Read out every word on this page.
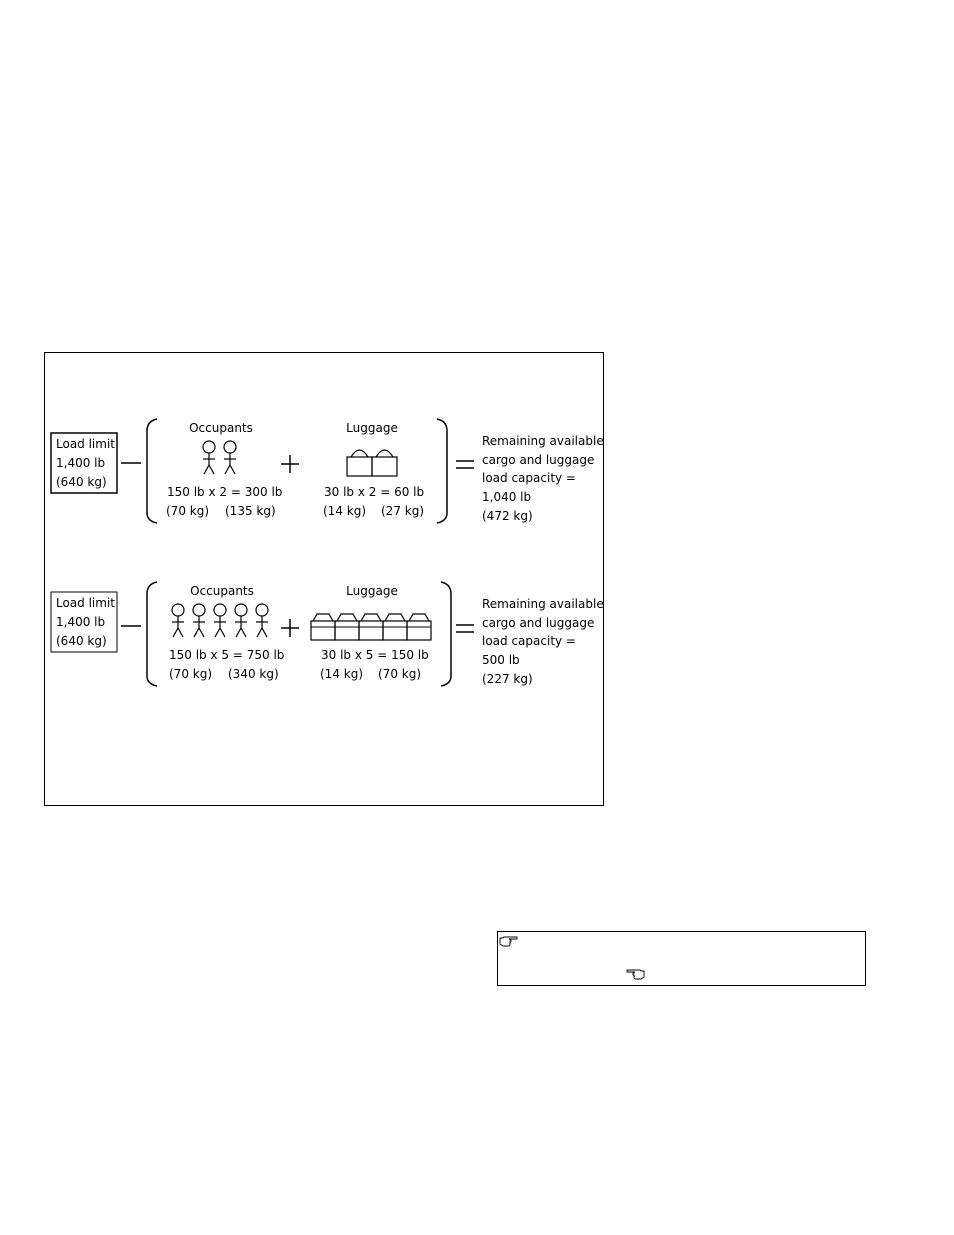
Load limit
1,400 lb
(640 kg)
Occupants
150 lb x 2 = 300 lb
(70 kg) (135 kg)
Luggage
30 lb x 2 = 60 lb
(14 kg) (27 kg)
Remaining available
cargo and luggage
load capacity =
1,040 lb
(472 kg)
Load limit
1,400 lb
(640 kg)
Occupants
150 lb x 5 = 750 lb
(70 kg) (340 kg)
Luggage
30 lb x 5 = 150 lb
(14 kg) (70 kg)
Remaining available
cargo and luggage
load capacity =
500 lb
(227 kg)
